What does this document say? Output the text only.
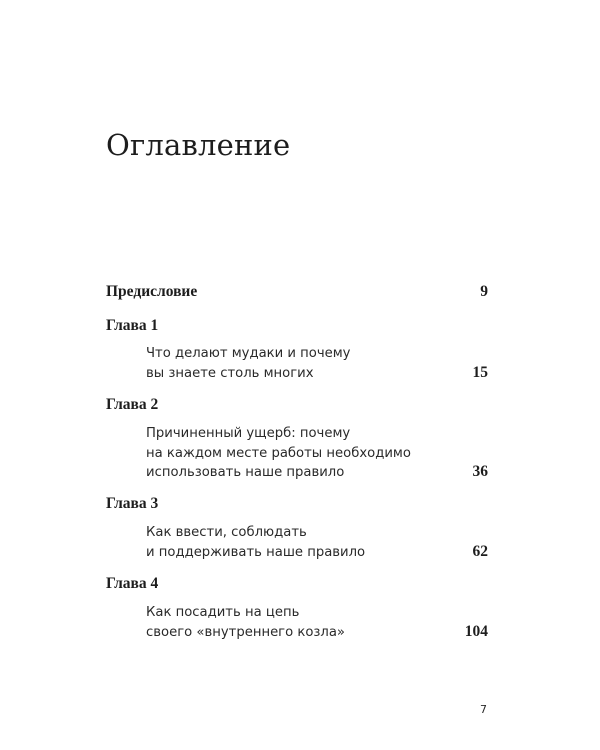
Оглавление
Предисловие	9
Глава 1
Что делают мудаки и почему
вы знаете столь многих	15
Глава 2
Причиненный ущерб: почему
на каждом месте работы необходимо
использовать наше правило	36
Глава 3
Как ввести, соблюдать
и поддерживать наше правило	62
Глава 4
Как посадить на цепь
своего «внутреннего козла»	104
7
